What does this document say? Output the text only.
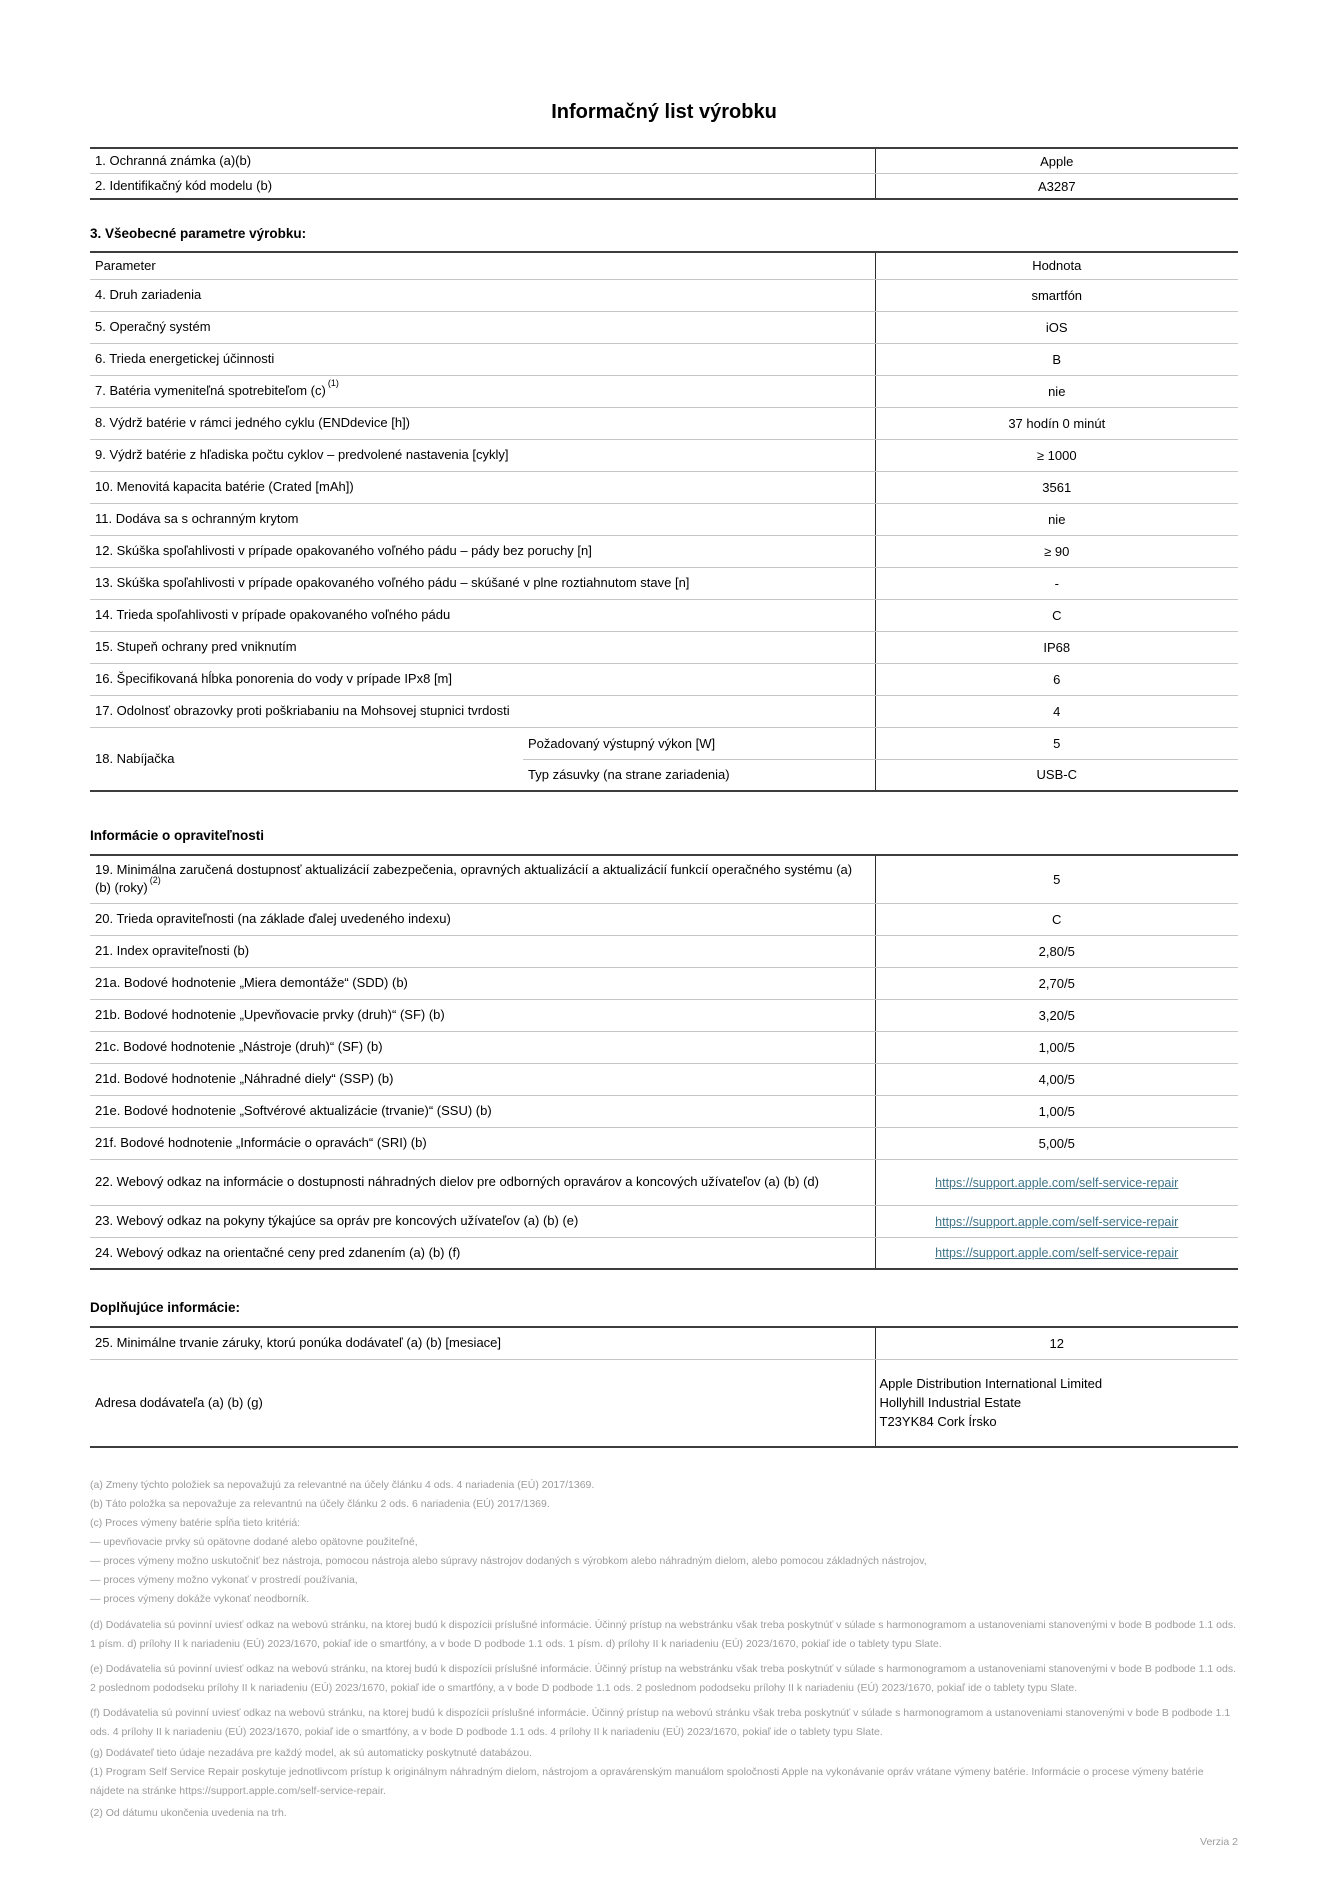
Informačný list výrobku
1. Ochranná známka (a)(b)	Apple
2. Identifikačný kód modelu (b)	A3287
3. Všeobecné parametre výrobku:
Parameter		Hodnota
4. Druh zariadenia		smartfón
5. Operačný systém		iOS
6. Trieda energetickej účinnosti		B
7. Batéria vymeniteľná spotrebiteľom (c)$^{(1)}$		nie
8. Výdrž batérie v rámci jedného cyklu (ENDdevice [h])		37 hodín 0 minút
9. Výdrž batérie z hľadiska počtu cyklov – predvolené nastavenia [cykly]		≥ 1000
10. Menovitá kapacita batérie (Crated [mAh])		3561
11. Dodáva sa s ochranným krytom		nie
12. Skúška spoľahlivosti v prípade opakovaného voľného pádu – pády bez poruchy [n]		≥ 90
13. Skúška spoľahlivosti v prípade opakovaného voľného pádu – skúšané v plne roztiahnutom stave [n]		-
14. Trieda spoľahlivosti v prípade opakovaného voľného pádu		C
15. Stupeň ochrany pred vniknutím		IP68
16. Špecifikovaná hĺbka ponorenia do vody v prípade IPx8 [m]		6
17. Odolnosť obrazovky proti poškriabaniu na Mohsovej stupnici tvrdosti		4
18. Nabíjačka	Požadovaný výstupný výkon [W]	5
	Typ zásuvky (na strane zariadenia)	USB-C
Informácie o opraviteľnosti
19. Minimálna zaručená dostupnosť aktualizácií zabezpečenia, opravných aktualizácií a aktualizácií funkcií operačného systému (a) (b) (roky)$^{(2)}$	5
20. Trieda opraviteľnosti (na základe ďalej uvedeného indexu)	C
21. Index opraviteľnosti (b)	2,80/5
21a. Bodové hodnotenie „Miera demontáže“ (SDD) (b)	2,70/5
21b. Bodové hodnotenie „Upevňovacie prvky (druh)“ (SF) (b)	3,20/5
21c. Bodové hodnotenie „Nástroje (druh)“ (SF) (b)	1,00/5
21d. Bodové hodnotenie „Náhradné diely“ (SSP) (b)	4,00/5
21e. Bodové hodnotenie „Softvérové aktualizácie (trvanie)“ (SSU) (b)	1,00/5
21f. Bodové hodnotenie „Informácie o opravách“ (SRI) (b)	5,00/5
22. Webový odkaz na informácie o dostupnosti náhradných dielov pre odborných opravárov a koncových užívateľov (a) (b) (d)	https://support.apple.com/self-service-repair
23. Webový odkaz na pokyny týkajúce sa opráv pre koncových užívateľov (a) (b) (e)	https://support.apple.com/self-service-repair
24. Webový odkaz na orientačné ceny pred zdanením (a) (b) (f)	https://support.apple.com/self-service-repair
Doplňujúce informácie:
25. Minimálne trvanie záruky, ktorú ponúka dodávateľ (a) (b) [mesiace]	12
Adresa dodávateľa (a) (b) (g)	Apple Distribution International Limited
Hollyhill Industrial Estate
T23YK84 Cork Írsko

(a) Zmeny týchto položiek sa nepovažujú za relevantné na účely článku 4 ods. 4 nariadenia (EÚ) 2017/1369.

(b) Táto položka sa nepovažuje za relevantnú na účely článku 2 ods. 6 nariadenia (EÚ) 2017/1369.

(c) Proces výmeny batérie spĺňa tieto kritériá:

— upevňovacie prvky sú opätovne dodané alebo opätovne použiteľné,

— proces výmeny možno uskutočniť bez nástroja, pomocou nástroja alebo súpravy nástrojov dodaných s výrobkom alebo náhradným dielom, alebo pomocou základných nástrojov,

— proces výmeny možno vykonať v prostredí používania,

— proces výmeny dokáže vykonať neodborník.

(d) Dodávatelia sú povinní uviesť odkaz na webovú stránku, na ktorej budú k dispozícii príslušné informácie. Účinný prístup na webstránku však treba poskytnúť v súlade s harmonogramom a ustanoveniami stanovenými v bode B podbode 1.1 ods. 1 písm. d) prílohy II k nariadeniu (EÚ) 2023/1670, pokiaľ ide o smartfóny, a v bode D podbode 1.1 ods. 1 písm. d) prílohy II k nariadeniu (EÚ) 2023/1670, pokiaľ ide o tablety typu Slate.

(e) Dodávatelia sú povinní uviesť odkaz na webovú stránku, na ktorej budú k dispozícii príslušné informácie. Účinný prístup na webstránku však treba poskytnúť v súlade s harmonogramom a ustanoveniami stanovenými v bode B podbode 1.1 ods. 2 poslednom pododseku prílohy II k nariadeniu (EÚ) 2023/1670, pokiaľ ide o smartfóny, a v bode D podbode 1.1 ods. 2 poslednom pododseku prílohy II k nariadeniu (EÚ) 2023/1670, pokiaľ ide o tablety typu Slate.

(f) Dodávatelia sú povinní uviesť odkaz na webovú stránku, na ktorej budú k dispozícii príslušné informácie. Účinný prístup na webovú stránku však treba poskytnúť v súlade s harmonogramom a ustanoveniami stanovenými v bode B podbode 1.1 ods. 4 prílohy II k nariadeniu (EÚ) 2023/1670, pokiaľ ide o smartfóny, a v bode D podbode 1.1 ods. 4 prílohy II k nariadeniu (EÚ) 2023/1670, pokiaľ ide o tablety typu Slate.

(g) Dodávateľ tieto údaje nezadáva pre každý model, ak sú automaticky poskytnuté databázou.

(1) Program Self Service Repair poskytuje jednotlivcom prístup k originálnym náhradným dielom, nástrojom a opravárenským manuálom spoločnosti Apple na vykonávanie opráv vrátane výmeny batérie. Informácie o procese výmeny batérie nájdete na stránke https://support.apple.com/self-service-repair.

(2) Od dátumu ukončenia uvedenia na trh.

Verzia 2
